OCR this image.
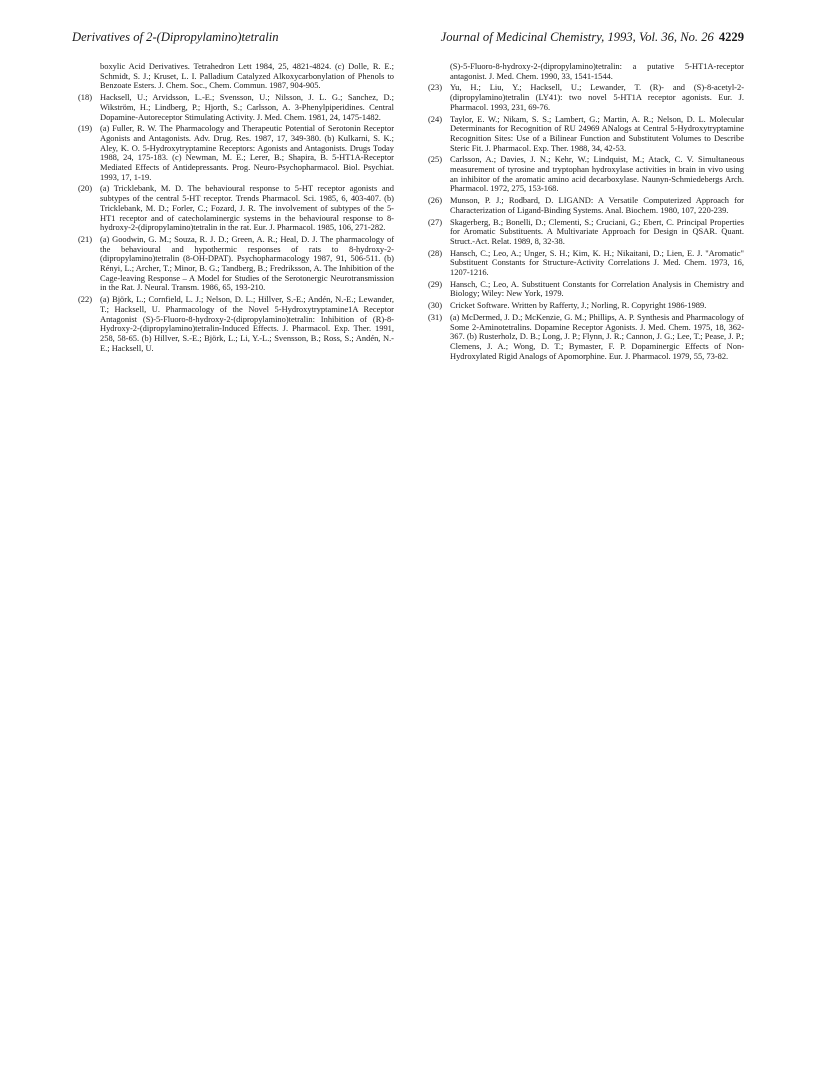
Derivatives of 2-(Dipropylamino)tetralin	Journal of Medicinal Chemistry, 1993, Vol. 36, No. 26 4229
boxylic Acid Derivatives. Tetrahedron Lett 1984, 25, 4821-4824. (c) Dolle, R. E.; Schmidt, S. J.; Kruset, L. I. Palladium Catalyzed Alkoxycarbonylation of Phenols to Benzoate Esters. J. Chem. Soc., Chem. Commun. 1987, 904-905.
(18) Hacksell, U.; Arvidsson, L.-E.; Svensson, U.; Nilsson, J. L. G.; Sanchez, D.; Wikström, H.; Lindberg, P.; Hjorth, S.; Carlsson, A. 3-Phenylpiperidines. Central Dopamine-Autoreceptor Stimulating Activity. J. Med. Chem. 1981, 24, 1475-1482.
(19) (a) Fuller, R. W. The Pharmacology and Therapeutic Potential of Serotonin Receptor Agonists and Antagonists. Adv. Drug. Res. 1987, 17, 349-380. (b) Kulkarni, S. K.; Aley, K. O. 5-Hydroxytryptamine Receptors: Agonists and Antagonists. Drugs Today 1988, 24, 175-183. (c) Newman, M. E.; Lerer, B.; Shapira, B. 5-HT1A-Receptor Mediated Effects of Antidepressants. Prog. Neuro-Psychopharmacol. Biol. Psychiat. 1993, 17, 1-19.
(20) (a) Tricklebank, M. D. The behavioural response to 5-HT receptor agonists and subtypes of the central 5-HT receptor. Trends Pharmacol. Sci. 1985, 6, 403-407. (b) Tricklebank, M. D.; Forler, C.; Fozard, J. R. The involvement of subtypes of the 5-HT1 receptor and of catecholaminergic systems in the behavioural response to 8-hydroxy-2-(dipropylamino)tetralin in the rat. Eur. J. Pharmacol. 1985, 106, 271-282.
(21) (a) Goodwin, G. M.; Souza, R. J. D.; Green, A. R.; Heal, D. J. The pharmacology of the behavioural and hypothermic responses of rats to 8-hydroxy-2-(dipropylamino)tetralin (8-OH-DPAT). Psychopharmacology 1987, 91, 506-511. (b) Rényi, L.; Archer, T.; Minor, B. G.; Tandberg, B.; Fredriksson, A. The Inhibition of the Cage-leaving Response – A Model for Studies of the Serotonergic Neurotransmission in the Rat. J. Neural. Transm. 1986, 65, 193-210.
(22) (a) Björk, L.; Cornfield, L. J.; Nelson, D. L.; Hillver, S.-E.; Andén, N.-E.; Lewander, T.; Hacksell, U. Pharmacology of the Novel 5-Hydroxytryptamine1A Receptor Antagonist (S)-5-Fluoro-8-hydroxy-2-(dipropylamino)tetralin: Inhibition of (R)-8-Hydroxy-2-(dipropylamino)tetralin-Induced Effects. J. Pharmacol. Exp. Ther. 1991, 258, 58-65. (b) Hillver, S.-E.; Björk, L.; Li, Y.-L.; Svensson, B.; Ross, S.; Andén, N.-E.; Hacksell, U.
(S)-5-Fluoro-8-hydroxy-2-(dipropylamino)tetralin: a putative 5-HT1A-receptor antagonist. J. Med. Chem. 1990, 33, 1541-1544.
(23) Yu, H.; Liu, Y.; Hacksell, U.; Lewander, T. (R)- and (S)-8-acetyl-2-(dipropylamino)tetralin (LY41): two novel 5-HT1A receptor agonists. Eur. J. Pharmacol. 1993, 231, 69-76.
(24) Taylor, E. W.; Nikam, S. S.; Lambert, G.; Martin, A. R.; Nelson, D. L. Molecular Determinants for Recognition of RU 24969 ANalogs at Central 5-Hydroxytryptamine Recognition Sites: Use of a Bilinear Function and Substitutent Volumes to Describe Steric Fit. J. Pharmacol. Exp. Ther. 1988, 34, 42-53.
(25) Carlsson, A.; Davies, J. N.; Kehr, W.; Lindquist, M.; Atack, C. V. Simultaneous measurement of tyrosine and tryptophan hydroxylase activities in brain in vivo using an inhibitor of the aromatic amino acid decarboxylase. Naunyn-Schmiedebergs Arch. Pharmacol. 1972, 275, 153-168.
(26) Munson, P. J.; Rodbard, D. LIGAND: A Versatile Computerized Approach for Characterization of Ligand-Binding Systems. Anal. Biochem. 1980, 107, 220-239.
(27) Skagerberg, B.; Bonelli, D.; Clementi, S.; Cruciani, G.; Ebert, C. Principal Properties for Aromatic Substituents. A Multivariate Approach for Design in QSAR. Quant. Struct.-Act. Relat. 1989, 8, 32-38.
(28) Hansch, C.; Leo, A.; Unger, S. H.; Kim, K. H.; Nikaitani, D.; Lien, E. J. "Aromatic" Substituent Constants for Structure-Activity Correlations J. Med. Chem. 1973, 16, 1207-1216.
(29) Hansch, C.; Leo, A. Substituent Constants for Correlation Analysis in Chemistry and Biology; Wiley: New York, 1979.
(30) Cricket Software. Written by Rafferty, J.; Norling, R. Copyright 1986-1989.
(31) (a) McDermed, J. D.; McKenzie, G. M.; Phillips, A. P. Synthesis and Pharmacology of Some 2-Aminotetralins. Dopamine Receptor Agonists. J. Med. Chem. 1975, 18, 362-367. (b) Rusterholz, D. B.; Long, J. P.; Flynn, J. R.; Cannon, J. G.; Lee, T.; Pease, J. P.; Clemens, J. A.; Wong, D. T.; Bymaster, F. P. Dopaminergic Effects of Non-Hydroxylated Rigid Analogs of Apomorphine. Eur. J. Pharmacol. 1979, 55, 73-82.
